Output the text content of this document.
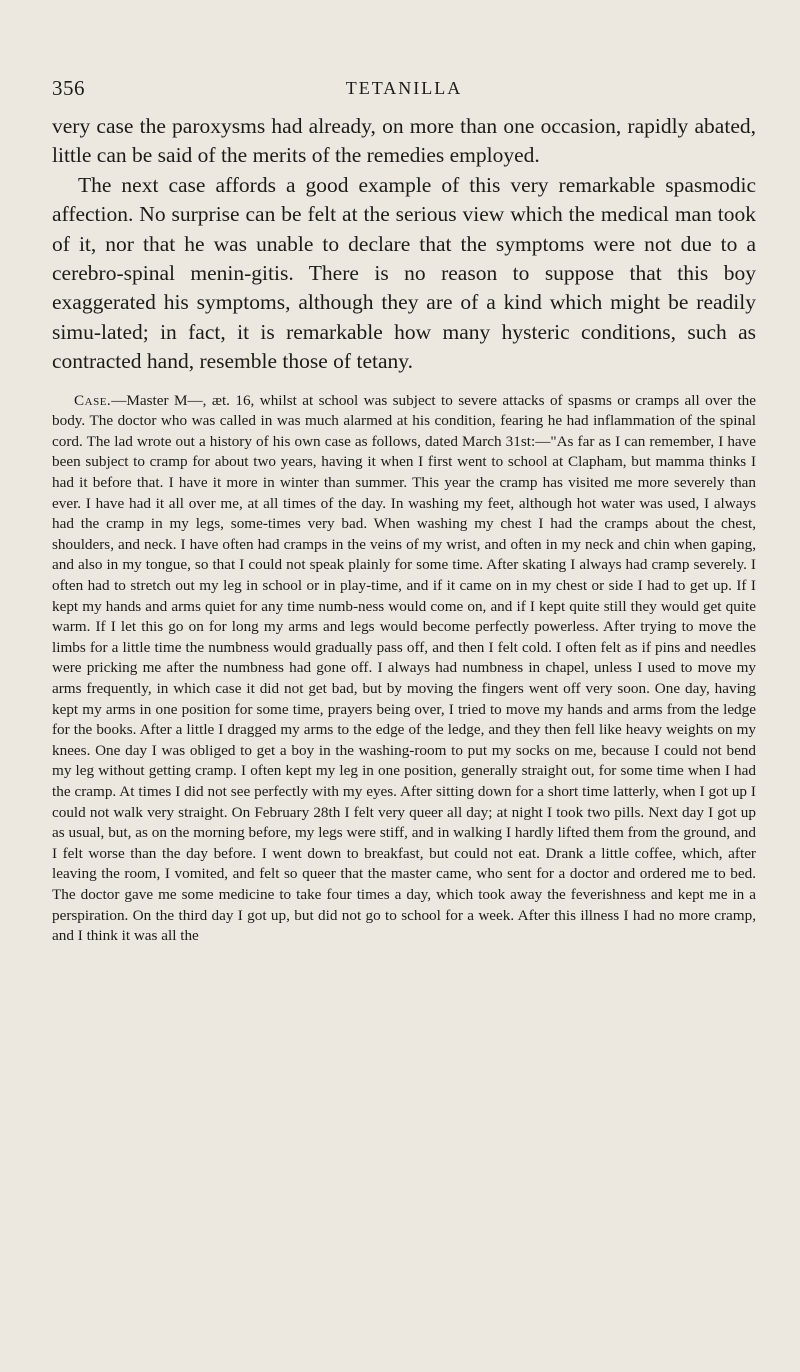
356	TETANILLA

very case the paroxysms had already, on more than one occasion, rapidly abated, little can be said of the merits of the remedies employed.

The next case affords a good example of this very remarkable spasmodic affection. No surprise can be felt at the serious view which the medical man took of it, nor that he was unable to declare that the symptoms were not due to a cerebro-spinal menin-gitis. There is no reason to suppose that this boy exaggerated his symptoms, although they are of a kind which might be readily simu-lated; in fact, it is remarkable how many hysteric conditions, such as contracted hand, resemble those of tetany.

Case.—Master M—, æt. 16, whilst at school was subject to severe attacks of spasms or cramps all over the body. The doctor who was called in was much alarmed at his condition, fearing he had inflammation of the spinal cord. The lad wrote out a history of his own case as follows, dated March 31st:—"As far as I can remember, I have been subject to cramp for about two years, having it when I first went to school at Clapham, but mamma thinks I had it before that. I have it more in winter than summer. This year the cramp has visited me more severely than ever. I have had it all over me, at all times of the day. In washing my feet, although hot water was used, I always had the cramp in my legs, some-times very bad. When washing my chest I had the cramps about the chest, shoulders, and neck. I have often had cramps in the veins of my wrist, and often in my neck and chin when gaping, and also in my tongue, so that I could not speak plainly for some time. After skating I always had cramp severely. I often had to stretch out my leg in school or in play-time, and if it came on in my chest or side I had to get up. If I kept my hands and arms quiet for any time numb-ness would come on, and if I kept quite still they would get quite warm. If I let this go on for long my arms and legs would become perfectly powerless. After trying to move the limbs for a little time the numbness would gradually pass off, and then I felt cold. I often felt as if pins and needles were pricking me after the numbness had gone off. I always had numbness in chapel, unless I used to move my arms frequently, in which case it did not get bad, but by moving the fingers went off very soon. One day, having kept my arms in one position for some time, prayers being over, I tried to move my hands and arms from the ledge for the books. After a little I dragged my arms to the edge of the ledge, and they then fell like heavy weights on my knees. One day I was obliged to get a boy in the washing-room to put my socks on me, because I could not bend my leg without getting cramp. I often kept my leg in one position, generally straight out, for some time when I had the cramp. At times I did not see perfectly with my eyes. After sitting down for a short time latterly, when I got up I could not walk very straight. On February 28th I felt very queer all day; at night I took two pills. Next day I got up as usual, but, as on the morning before, my legs were stiff, and in walking I hardly lifted them from the ground, and I felt worse than the day before. I went down to breakfast, but could not eat. Drank a little coffee, which, after leaving the room, I vomited, and felt so queer that the master came, who sent for a doctor and ordered me to bed. The doctor gave me some medicine to take four times a day, which took away the feverishness and kept me in a perspiration. On the third day I got up, but did not go to school for a week. After this illness I had no more cramp, and I think it was all the
